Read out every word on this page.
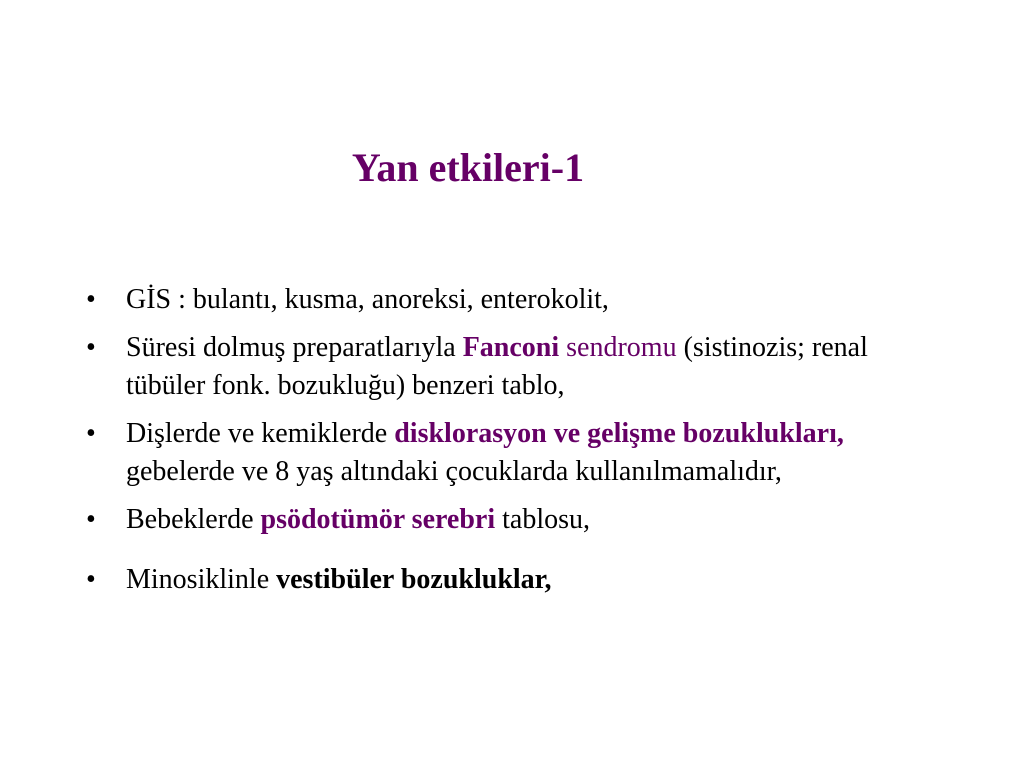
Yan etkileri-1
•	GİS : bulantı, kusma, anoreksi, enterokolit,
•	Süresi dolmuş preparatlarıyla Fanconi sendromu (sistinozis; renal tübüler fonk. bozukluğu) benzeri tablo,
•	Dişlerde ve kemiklerde disklorasyon ve gelişme bozuklukları, gebelerde ve 8 yaş altındaki çocuklarda kullanılmamalıdır,
•	Bebeklerde psödotümör serebri tablosu,
•	Minosiklinle vestibüler bozukluklar,
